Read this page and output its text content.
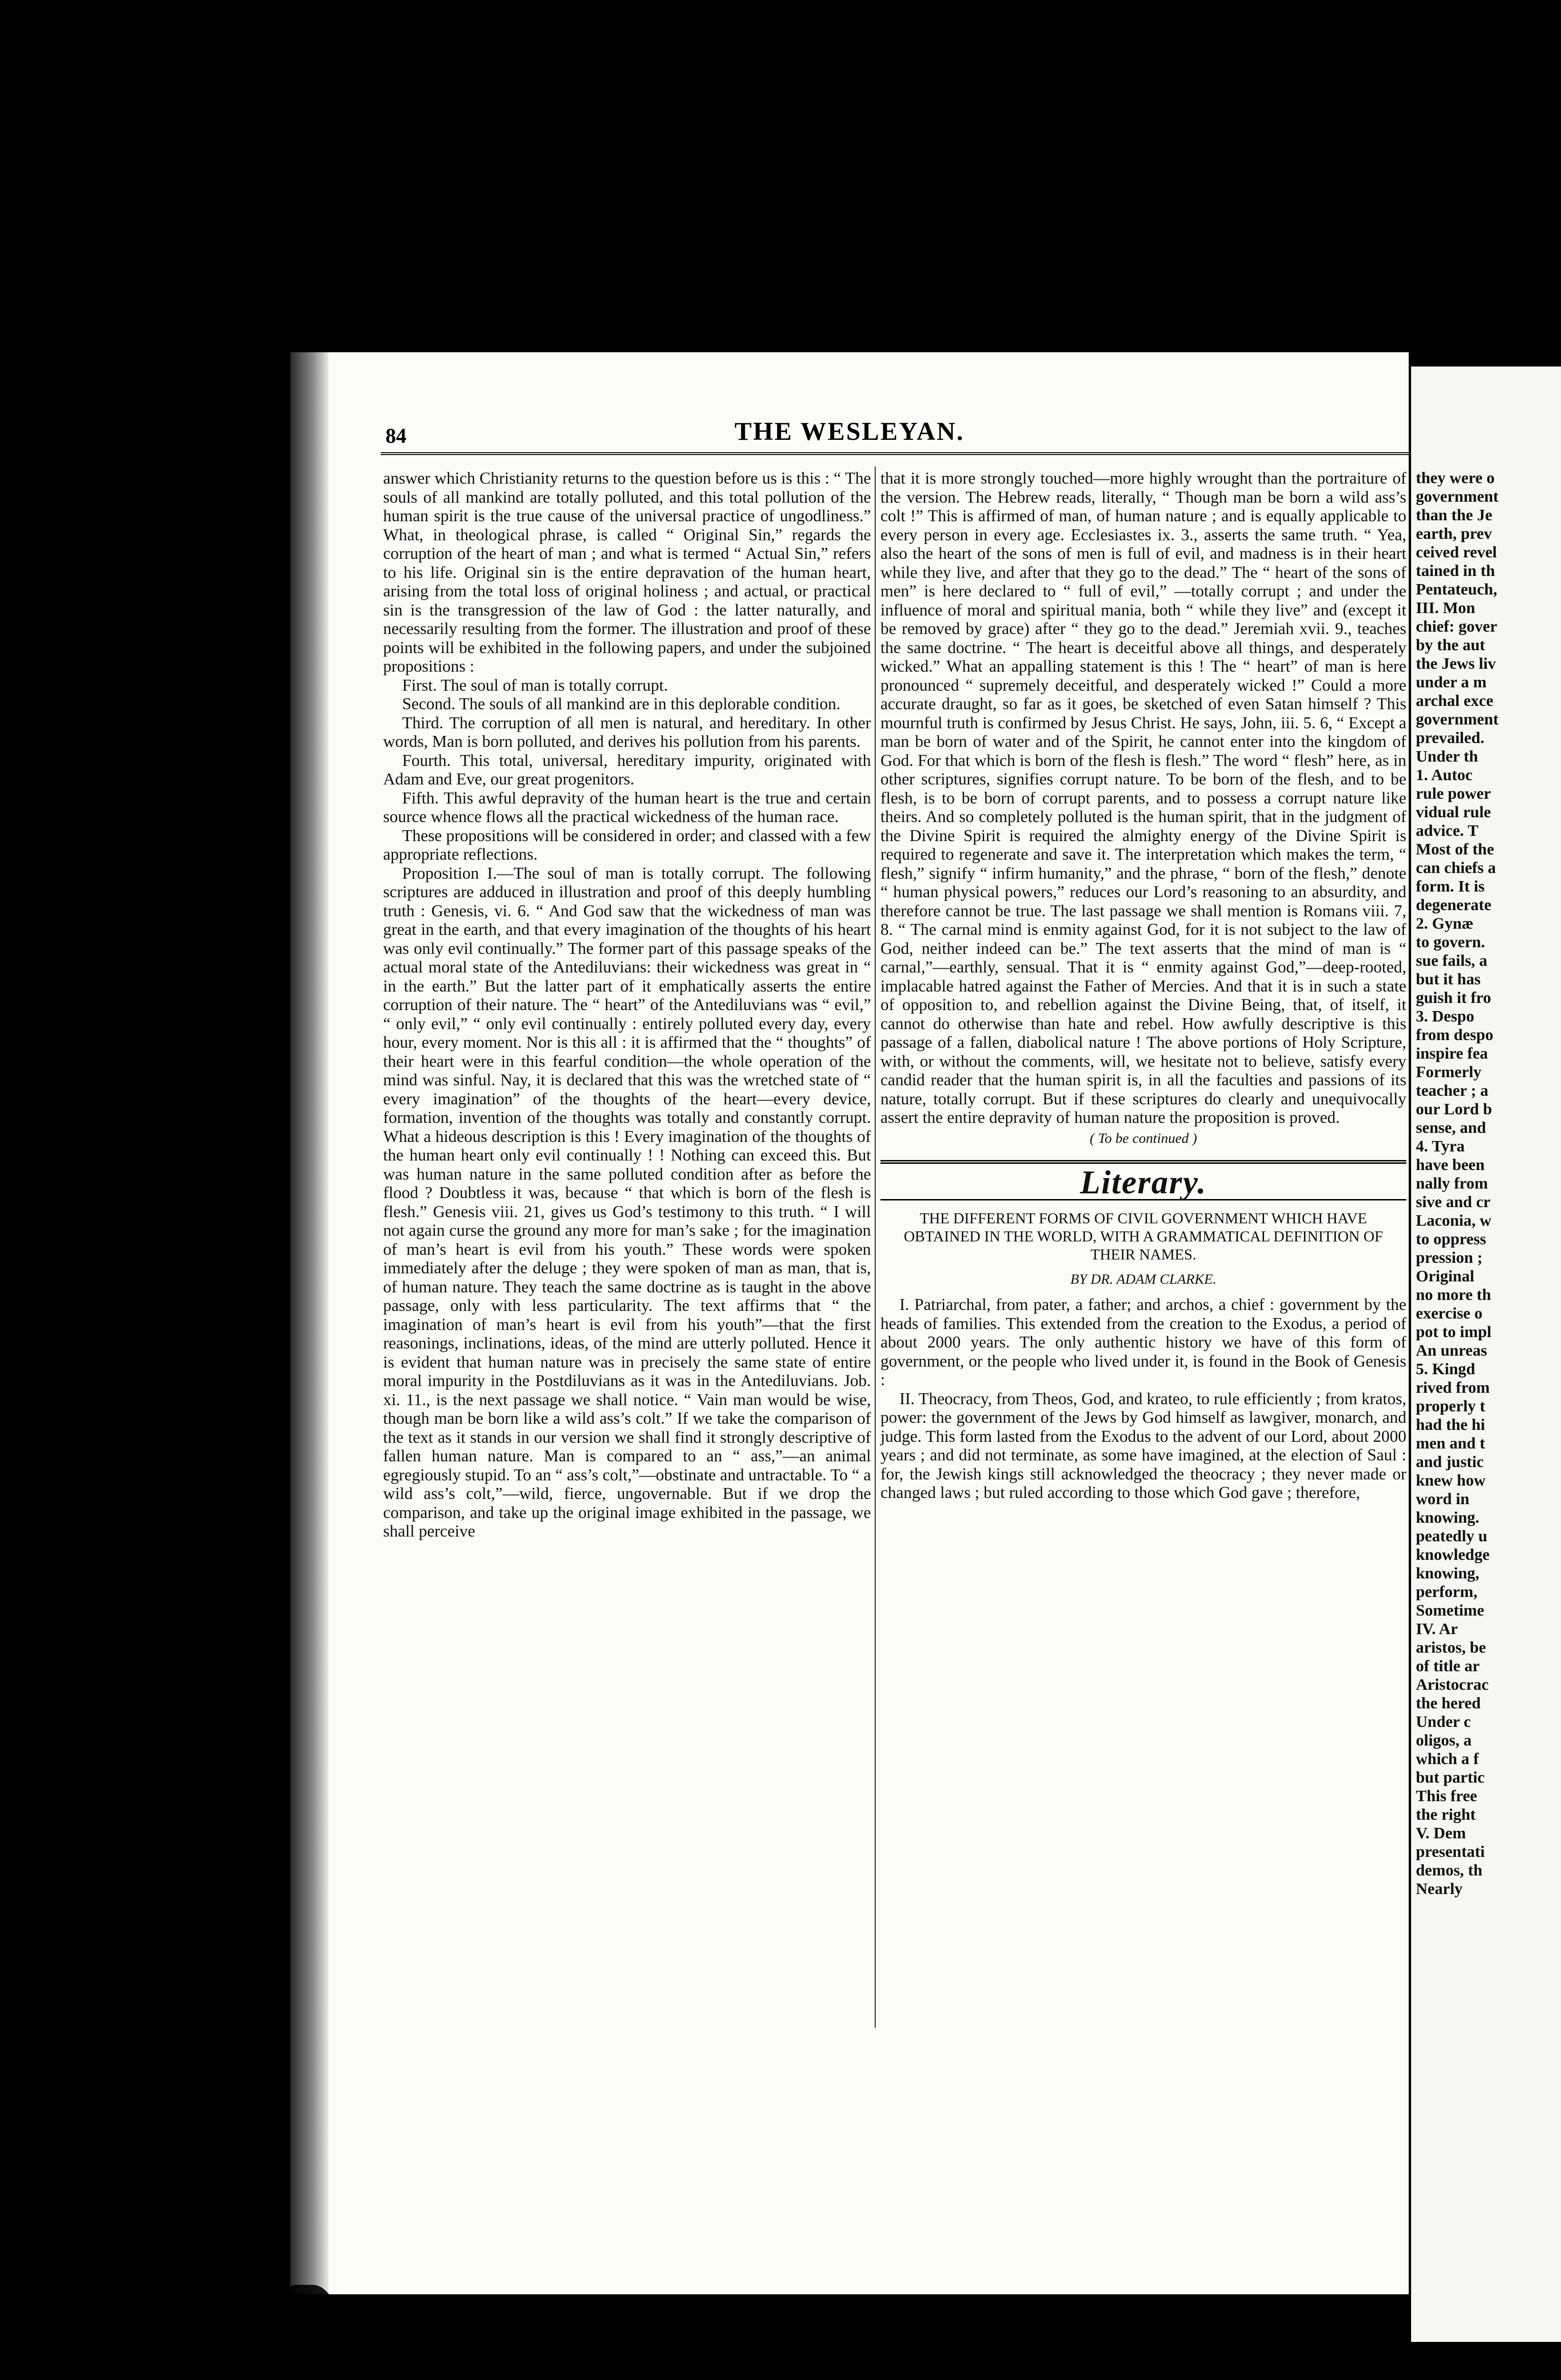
84	THE WESLEYAN.

answer which Christianity returns to the question before us is this : “ The souls of all mankind are totally polluted, and this total pollution of the human spirit is the true cause of the universal practice of ungodliness.” What, in theological phrase, is called “ Original Sin,” regards the corruption of the heart of man ; and what is termed “ Actual Sin,” refers to his life. Original sin is the entire depravation of the human heart, arising from the total loss of original holiness ; and actual, or practical sin is the transgression of the law of God : the latter naturally, and necessarily resulting from the former. The illustration and proof of these points will be exhibited in the following papers, and under the subjoined propositions :

First. The soul of man is totally corrupt.

Second. The souls of all mankind are in this deplorable condition.

Third. The corruption of all men is natural, and hereditary. In other words, Man is born polluted, and derives his pollution from his parents.

Fourth. This total, universal, hereditary impurity, originated with Adam and Eve, our great progenitors.

Fifth. This awful depravity of the human heart is the true and certain source whence flows all the practical wickedness of the human race.

These propositions will be considered in order; and classed with a few appropriate reflections.

Proposition I.—The soul of man is totally corrupt. The following scriptures are adduced in illustration and proof of this deeply humbling truth : Genesis, vi. 6. “ And God saw that the wickedness of man was great in the earth, and that every imagination of the thoughts of his heart was only evil continually.” The former part of this passage speaks of the actual moral state of the Antediluvians: their wickedness was great in “ in the earth.” But the latter part of it emphatically asserts the entire corruption of their nature. The “ heart” of the Antediluvians was “ evil,” “ only evil,” “ only evil continually : entirely polluted every day, every hour, every moment. Nor is this all : it is affirmed that the “ thoughts” of their heart were in this fearful condition—the whole operation of the mind was sinful. Nay, it is declared that this was the wretched state of “ every imagination” of the thoughts of the heart—every device, formation, invention of the thoughts was totally and constantly corrupt. What a hideous description is this ! Every imagination of the thoughts of the human heart only evil continually ! ! Nothing can exceed this. But was human nature in the same polluted condition after as before the flood ? Doubtless it was, because “ that which is born of the flesh is flesh.” Genesis viii. 21, gives us God’s testimony to this truth. “ I will not again curse the ground any more for man’s sake ; for the imagination of man’s heart is evil from his youth.” These words were spoken immediately after the deluge ; they were spoken of man as man, that is, of human nature. They teach the same doctrine as is taught in the above passage, only with less particularity. The text affirms that “ the imagination of man’s heart is evil from his youth”—that the first reasonings, inclinations, ideas, of the mind are utterly polluted. Hence it is evident that human nature was in precisely the same state of entire moral impurity in the Postdiluvians as it was in the Antediluvians. Job. xi. 11., is the next passage we shall notice. “ Vain man would be wise, though man be born like a wild ass’s colt.” If we take the comparison of the text as it stands in our version we shall find it strongly descriptive of fallen human nature. Man is compared to an “ ass,”—an animal egregiously stupid. To an “ ass’s colt,”—obstinate and untractable. To “ a wild ass’s colt,”—wild, fierce, ungovernable. But if we drop the comparison, and take up the original image exhibited in the passage, we shall perceive

that it is more strongly touched—more highly wrought than the portraiture of the version. The Hebrew reads, literally, “ Though man be born a wild ass’s colt !” This is affirmed of man, of human nature ; and is equally applicable to every person in every age. Ecclesiastes ix. 3., asserts the same truth. “ Yea, also the heart of the sons of men is full of evil, and madness is in their heart while they live, and after that they go to the dead.” The “ heart of the sons of men” is here declared to “ full of evil,” —totally corrupt ; and under the influence of moral and spiritual mania, both “ while they live” and (except it be removed by grace) after “ they go to the dead.” Jeremiah xvii. 9., teaches the same doctrine. “ The heart is deceitful above all things, and desperately wicked.” What an appalling statement is this ! The “ heart” of man is here pronounced “ supremely deceitful, and desperately wicked !” Could a more accurate draught, so far as it goes, be sketched of even Satan himself ? This mournful truth is confirmed by Jesus Christ. He says, John, iii. 5. 6, “ Except a man be born of water and of the Spirit, he cannot enter into the kingdom of God. For that which is born of the flesh is flesh.” The word “ flesh” here, as in other scriptures, signifies corrupt nature. To be born of the flesh, and to be flesh, is to be born of corrupt parents, and to possess a corrupt nature like theirs. And so completely polluted is the human spirit, that in the judgment of the Divine Spirit is required the almighty energy of the Divine Spirit is required to regenerate and save it. The interpretation which makes the term, “ flesh,” signify “ infirm humanity,” and the phrase, “ born of the flesh,” denote “ human physical powers,” reduces our Lord’s reasoning to an absurdity, and therefore cannot be true. The last passage we shall mention is Romans viii. 7, 8. “ The carnal mind is enmity against God, for it is not subject to the law of God, neither indeed can be.” The text asserts that the mind of man is “ carnal,”—earthly, sensual. That it is “ enmity against God,”—deep-rooted, implacable hatred against the Father of Mercies. And that it is in such a state of opposition to, and rebellion against the Divine Being, that, of itself, it cannot do otherwise than hate and rebel. How awfully descriptive is this passage of a fallen, diabolical nature ! The above portions of Holy Scripture, with, or without the comments, will, we hesitate not to believe, satisfy every candid reader that the human spirit is, in all the faculties and passions of its nature, totally corrupt. But if these scriptures do clearly and unequivocally assert the entire depravity of human nature the proposition is proved.

( To be continued )
Literary.
THE DIFFERENT FORMS OF CIVIL GOVERNMENT WHICH HAVE OBTAINED IN THE WORLD, WITH A GRAMMATICAL DEFINITION OF THEIR NAMES.
BY DR. ADAM CLARKE.

I. Patriarchal, from pater, a father; and archos, a chief : government by the heads of families. This extended from the creation to the Exodus, a period of about 2000 years. The only authentic history we have of this form of government, or the people who lived under it, is found in the Book of Genesis :

II. Theocracy, from Theos, God, and krateo, to rule efficiently ; from kratos, power: the government of the Jews by God himself as lawgiver, monarch, and judge. This form lasted from the Exodus to the advent of our Lord, about 2000 years ; and did not terminate, as some have imagined, at the election of Saul : for, the Jewish kings still acknowledged the theocracy ; they never made or changed laws ; but ruled according to those which God gave ; therefore,

they were o
government
than the Je
earth, prev
ceived revel
tained in th
Pentateuch,
III. Mon
chief: gover
by the aut
the Jews liv
under a m
archal exce
government
prevailed.
Under th
1. Autoc
rule power
vidual rule
advice. T
Most of the
can chiefs a
form. It is
degenerate
2. Gynæ
to govern.
sue fails, a
but it has
guish it fro
3. Despo
from despo
inspire fea
Formerly
teacher ; a
our Lord b
sense, and
4. Tyra
have been
nally from
sive and cr
Laconia, w
to oppress
pression ;
Original
no more th
exercise o
pot to impl
An unreas
5. Kingd
rived from
properly t
had the hi
men and t
and justic
knew how
word in
knowing.
peatedly u
knowledge
knowing,
perform,
Sometime
IV. Ar
aristos, be
of title ar
Aristocrac
the hered
Under c
oligos, a
which a f
but partic
This free
the right
V. Dem
presentati
demos, th
Nearly
